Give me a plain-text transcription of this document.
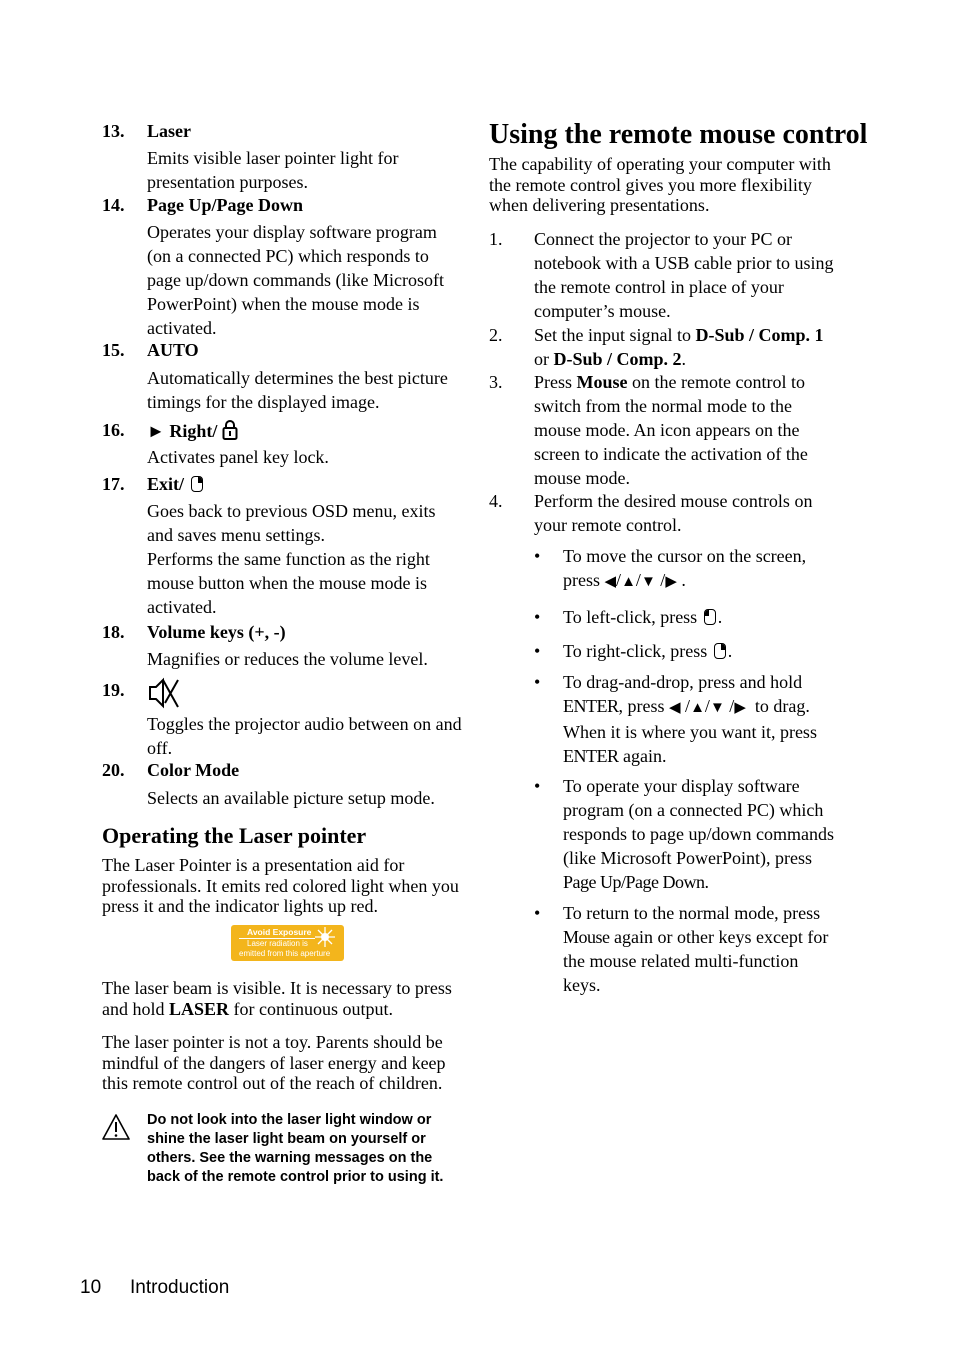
13. Laser
Emits visible laser pointer light for
presentation purposes.
14. Page Up/Page Down
Operates your display software program
(on a connected PC) which responds to
page up/down commands (like Microsoft
PowerPoint) when the mouse mode is
activated.
15. AUTO
Automatically determines the best picture
timings for the displayed image.
16. ► Right/
Activates panel key lock.
17. Exit/
Goes back to previous OSD menu, exits
and saves menu settings.
Performs the same function as the right
mouse button when the mouse mode is
activated.
18. Volume keys (+, -)
Magnifies or reduces the volume level.
19.
Toggles the projector audio between on and
off.
20. Color Mode
Selects an available picture setup mode.
Operating the Laser pointer
The Laser Pointer is a presentation aid for
professionals. It emits red colored light when you
press it and the indicator lights up red.
Avoid Exposure
Laser radiation is
emitted from this aperture
The laser beam is visible. It is necessary to press
and hold LASER for continuous output.
The laser pointer is not a toy. Parents should be
mindful of the dangers of laser energy and keep
this remote control out of the reach of children.
Do not look into the laser light window or
shine the laser light beam on yourself or
others. See the warning messages on the
back of the remote control prior to using it.
Using the remote mouse control
The capability of operating your computer with
the remote control gives you more flexibility
when delivering presentations.
1. Connect the projector to your PC or
notebook with a USB cable prior to using
the remote control in place of your
computer’s mouse.
2. Set the input signal to D-Sub / Comp. 1
or D-Sub / Comp. 2.
3. Press Mouse on the remote control to
switch from the normal mode to the
mouse mode. An icon appears on the
screen to indicate the activation of the
mouse mode.
4. Perform the desired mouse controls on
your remote control.
• To move the cursor on the screen,
press ◀/▲/▼ /▶ .
• To left-click, press .
• To right-click, press .
• To drag-and-drop, press and hold
ENTER, press ◀ /▲/▼ /▶ to drag.
When it is where you want it, press
ENTER again.
• To operate your display software
program (on a connected PC) which
responds to page up/down commands
(like Microsoft PowerPoint), press
Page Up/Page Down.
• To return to the normal mode, press
Mouse again or other keys except for
the mouse related multi-function
keys.
10 Introduction
